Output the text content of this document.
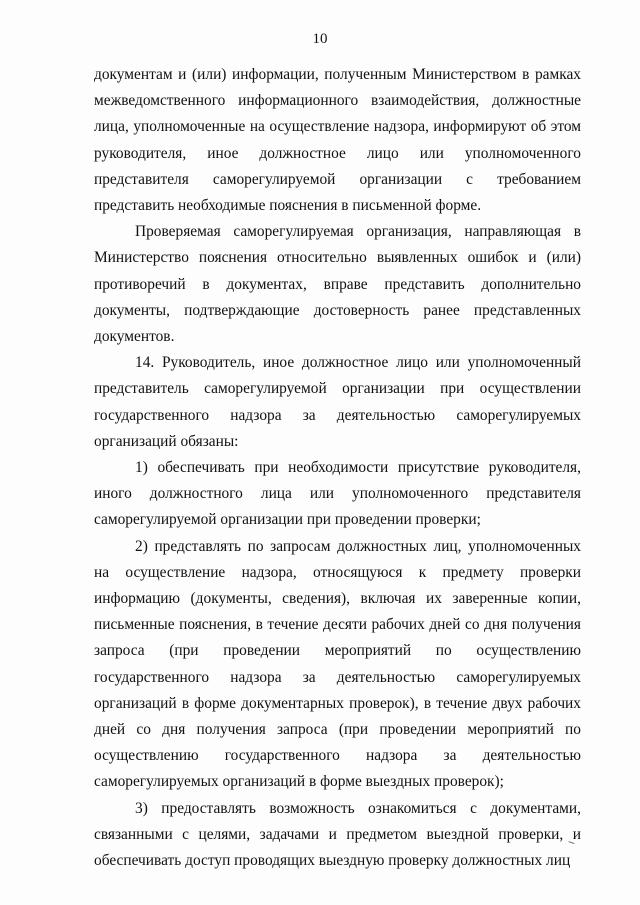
10

документам и (или) информации, полученным Министерством в рамках межведомственного информационного взаимодействия, должностные лица, уполномоченные на осуществление надзора, информируют об этом руководителя, иное должностное лицо или уполномоченного представителя саморегулируемой организации с требованием представить необходимые пояснения в письменной форме.

Проверяемая саморегулируемая организация, направляющая в Министерство пояснения относительно выявленных ошибок и (или) противоречий в документах, вправе представить дополнительно документы, подтверждающие достоверность ранее представленных документов.

14. Руководитель, иное должностное лицо или уполномоченный представитель саморегулируемой организации при осуществлении государственного надзора за деятельностью саморегулируемых организаций обязаны:

1) обеспечивать при необходимости присутствие руководителя, иного должностного лица или уполномоченного представителя саморегулируемой организации при проведении проверки;

2) представлять по запросам должностных лиц, уполномоченных на осуществление надзора, относящуюся к предмету проверки информацию (документы, сведения), включая их заверенные копии, письменные пояснения, в течение десяти рабочих дней со дня получения запроса (при проведении мероприятий по осуществлению государственного надзора за деятельностью саморегулируемых организаций в форме документарных проверок), в течение двух рабочих дней со дня получения запроса (при проведении мероприятий по осуществлению государственного надзора за деятельностью саморегулируемых организаций в форме выездных проверок);

3) предоставлять возможность ознакомиться с документами, связанными с целями, задачами и предметом выездной проверки, и обеспечивать доступ проводящих выездную проверку должностных лиц
